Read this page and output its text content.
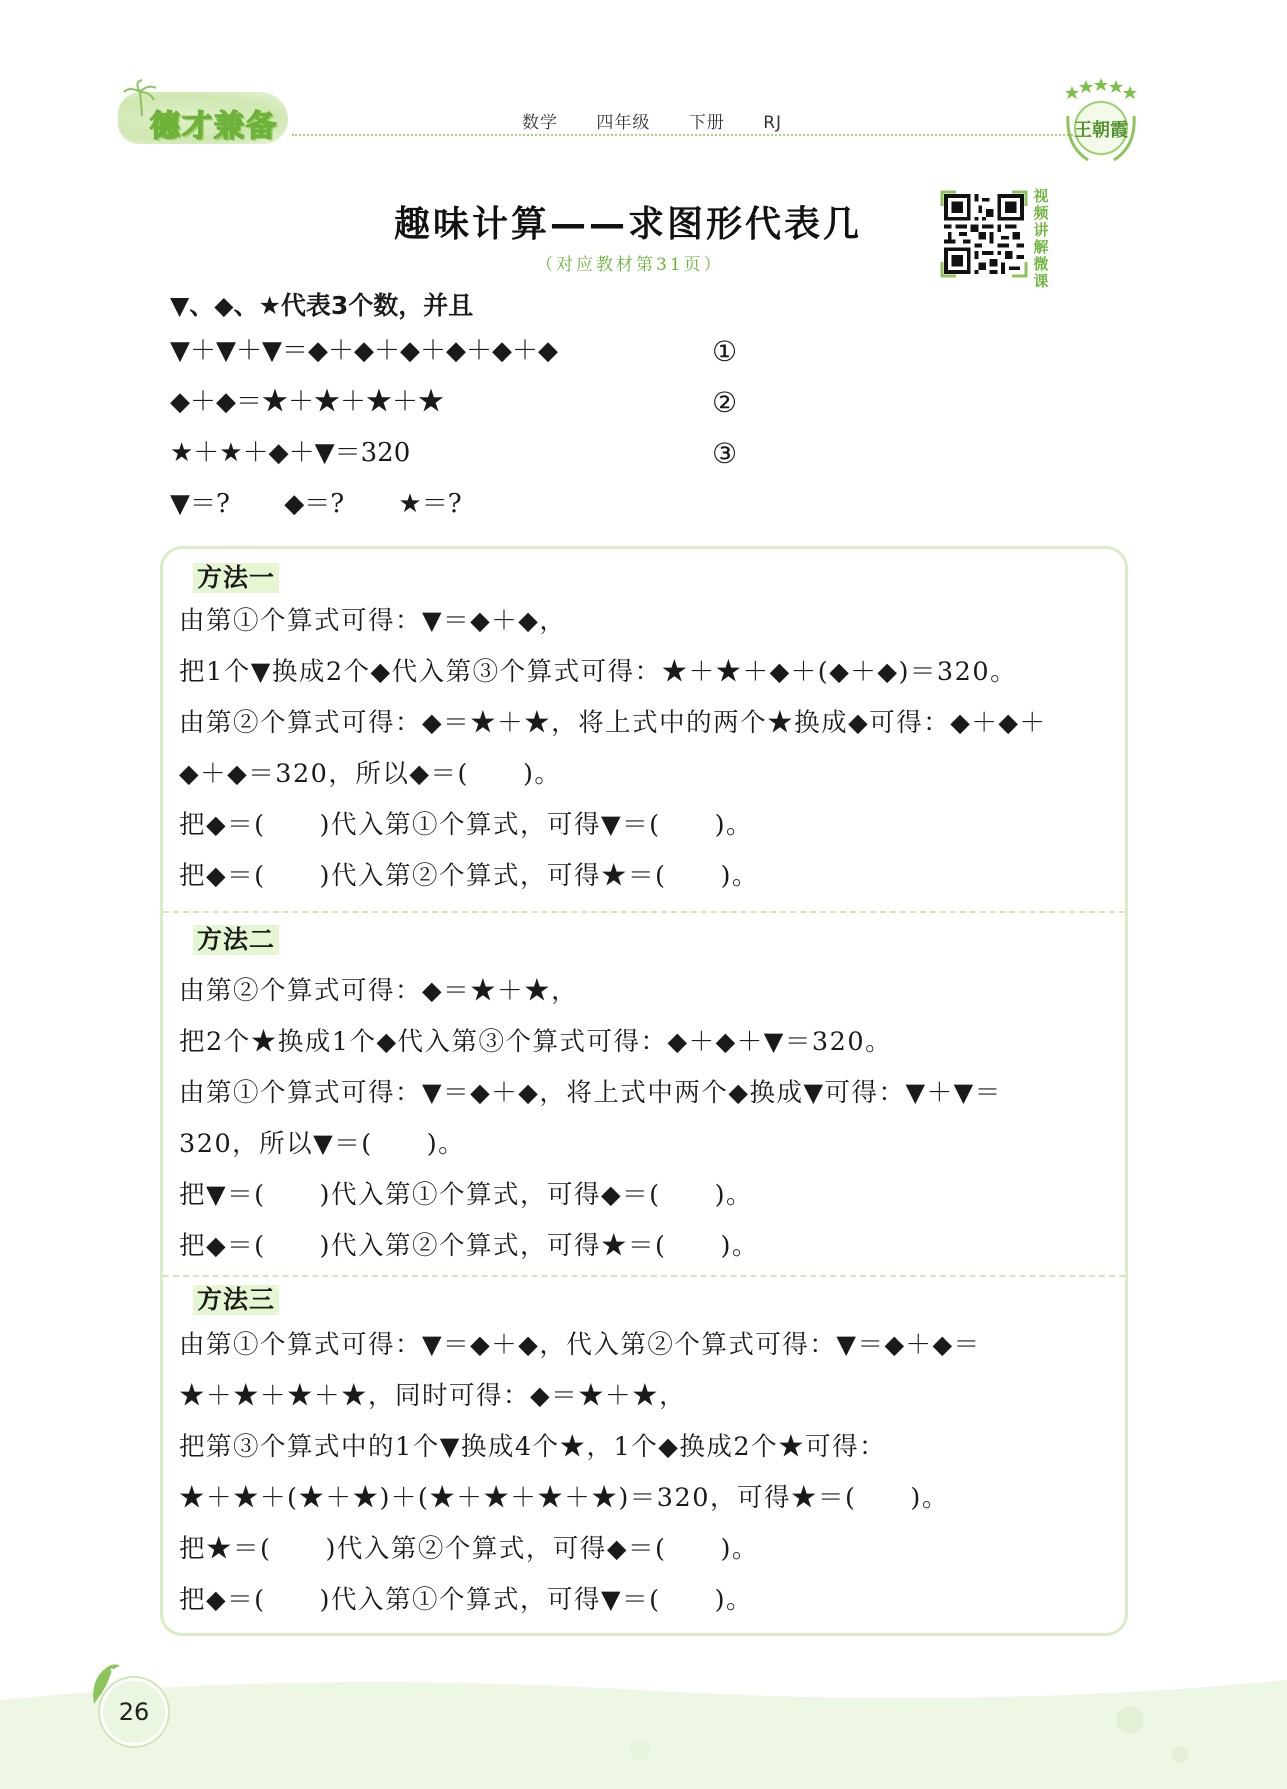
德才兼备	数学 四年级 下册 RJ	王朝霞
趣味计算——求图形代表几
（对应教材第31页）
视
频
讲
解
微
课
▼、◆、★代表3个数，并且
▼＋▼＋▼＝◆＋◆＋◆＋◆＋◆＋◆	①
◆＋◆＝★＋★＋★＋★	②
★＋★＋◆＋▼＝320	③
▼＝? ◆＝? ★＝?
方法一
由第①个算式可得：▼＝◆＋◆，
把1个▼换成2个◆代入第③个算式可得：★＋★＋◆＋(◆＋◆)＝320。
由第②个算式可得：◆＝★＋★，将上式中的两个★换成◆可得：◆＋◆＋
◆＋◆＝320，所以◆＝(　　)。
把◆＝(　　)代入第①个算式，可得▼＝(　　)。
把◆＝(　　)代入第②个算式，可得★＝(　　)。
方法二
由第②个算式可得：◆＝★＋★，
把2个★换成1个◆代入第③个算式可得：◆＋◆＋▼＝320。
由第①个算式可得：▼＝◆＋◆，将上式中两个◆换成▼可得：▼＋▼＝
320，所以▼＝(　　)。
把▼＝(　　)代入第①个算式，可得◆＝(　　)。
把◆＝(　　)代入第②个算式，可得★＝(　　)。
方法三
由第①个算式可得：▼＝◆＋◆，代入第②个算式可得：▼＝◆＋◆＝
★＋★＋★＋★，同时可得：◆＝★＋★，
把第③个算式中的1个▼换成4个★，1个◆换成2个★可得：
★＋★＋(★＋★)＋(★＋★＋★＋★)＝320，可得★＝(　　)。
把★＝(　　)代入第②个算式，可得◆＝(　　)。
把◆＝(　　)代入第①个算式，可得▼＝(　　)。
26
